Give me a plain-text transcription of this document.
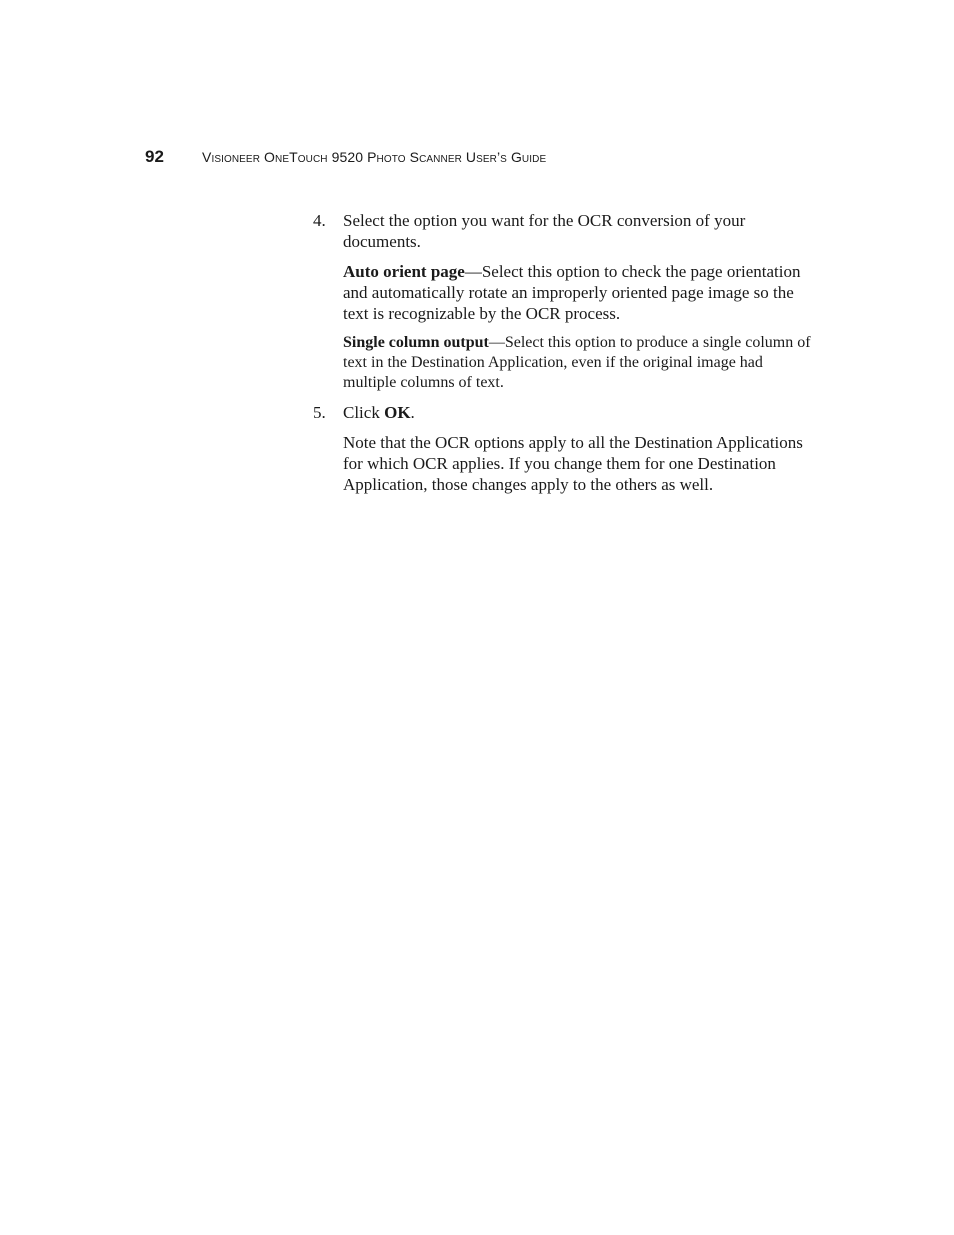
92	Visioneer OneTouch 9520 Photo Scanner User’s Guide
4.	Select the option you want for the OCR conversion of your documents.

Auto orient page—Select this option to check the page orientation and automatically rotate an improperly oriented page image so the text is recognizable by the OCR process.

Single column output—Select this option to produce a single column of text in the Destination Application, even if the original image had multiple columns of text.

5.	Click OK.

Note that the OCR options apply to all the Destination Applications for which OCR applies. If you change them for one Destination Application, those changes apply to the others as well.
